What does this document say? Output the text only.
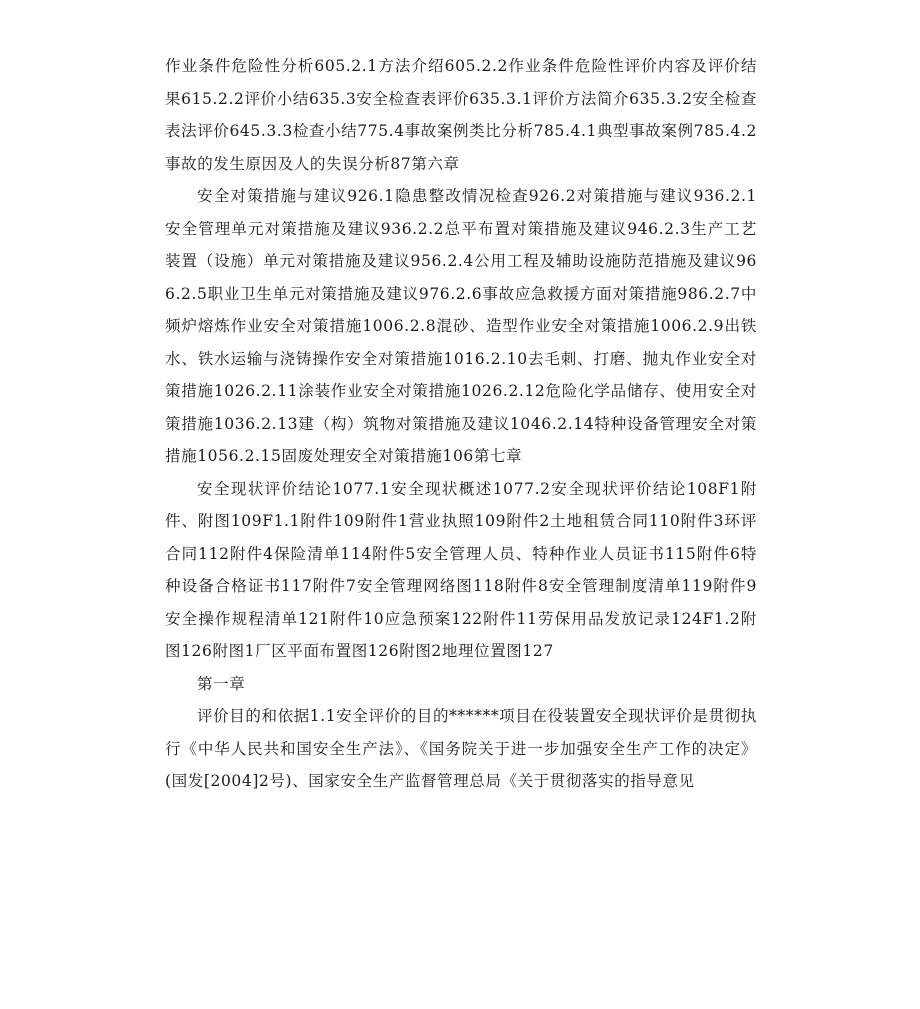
作业条件危险性分析605.2.1方法介绍605.2.2作业条件危险性评价内容及评价结果615.2.2评价小结635.3安全检查表评价635.3.1评价方法简介635.3.2安全检查表法评价645.3.3检查小结775.4事故案例类比分析785.4.1典型事故案例785.4.2事故的发生原因及人的失误分析87第六章

安全对策措施与建议926.1隐患整改情况检查926.2对策措施与建议936.2.1安全管理单元对策措施及建议936.2.2总平布置对策措施及建议946.2.3生产工艺装置（设施）单元对策措施及建议956.2.4公用工程及辅助设施防范措施及建议966.2.5职业卫生单元对策措施及建议976.2.6事故应急救援方面对策措施986.2.7中频炉熔炼作业安全对策措施1006.2.8混砂、造型作业安全对策措施1006.2.9出铁水、铁水运输与浇铸操作安全对策措施1016.2.10去毛刺、打磨、抛丸作业安全对策措施1026.2.11涂装作业安全对策措施1026.2.12危险化学品储存、使用安全对策措施1036.2.13建（构）筑物对策措施及建议1046.2.14特种设备管理安全对策措施1056.2.15固废处理安全对策措施106第七章

安全现状评价结论1077.1安全现状概述1077.2安全现状评价结论108F1附件、附图109F1.1附件109附件1营业执照109附件2土地租赁合同110附件3环评合同112附件4保险清单114附件5安全管理人员、特种作业人员证书115附件6特种设备合格证书117附件7安全管理网络图118附件8安全管理制度清单119附件9安全操作规程清单121附件10应急预案122附件11劳保用品发放记录124F1.2附图126附图1厂区平面布置图126附图2地理位置图127

第一章

评价目的和依据1.1安全评价的目的******项目在役装置安全现状评价是贯彻执行《中华人民共和国安全生产法》、《国务院关于进一步加强安全生产工作的决定》(国发[2004]2号)、国家安全生产监督管理总局《关于贯彻落实的指导意见
